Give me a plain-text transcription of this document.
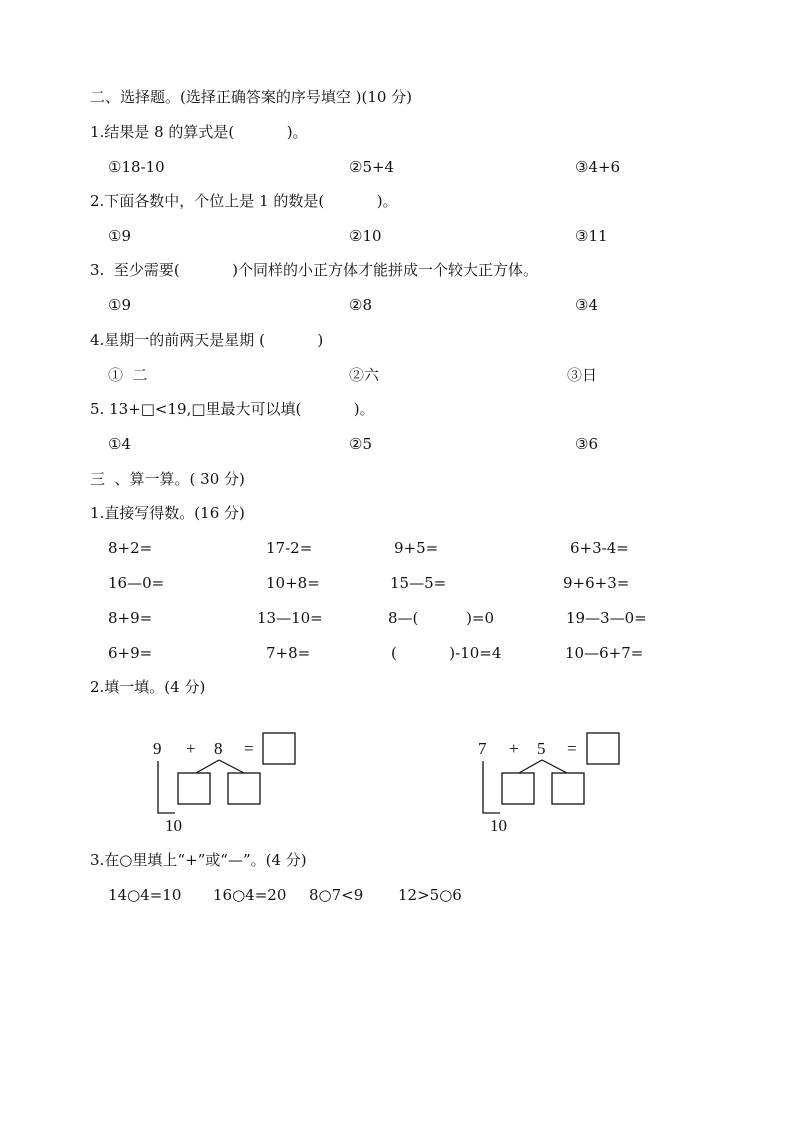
二、选择题。(选择正确答案的序号填空 )(10 分)
1.结果是 8 的算式是(           )。
①18-10	②5+4	③4+6
2.下面各数中，个位上是 1 的数是(           )。
①9	②10	③11
3.  至少需要(           )个同样的小正方体才能拼成一个较大正方体。
①9	②8	③4
4.星期一的前两天是星期 (           )
①  二	②六	③日
5. 13+□<19,□里最大可以填(           )。
①4	②5	③6
三  、算一算。( 30 分)
1.直接写得数。(16 分)
8+2=	17-2=	9+5=	6+3-4=
16—0=	10+8=	15—5=	9+6+3=
8+9=	13—10=	8—(          )=0	19—3—0=
6+9=	7+8=	(           )-10=4	10—6+7=
2.填一填。(4 分)
9 + 8 =
10
7 + 5 =
10
3.在○里填上“+”或“—”。(4 分)
14○4=10 16○4=20 8○7<9 12>5○6
